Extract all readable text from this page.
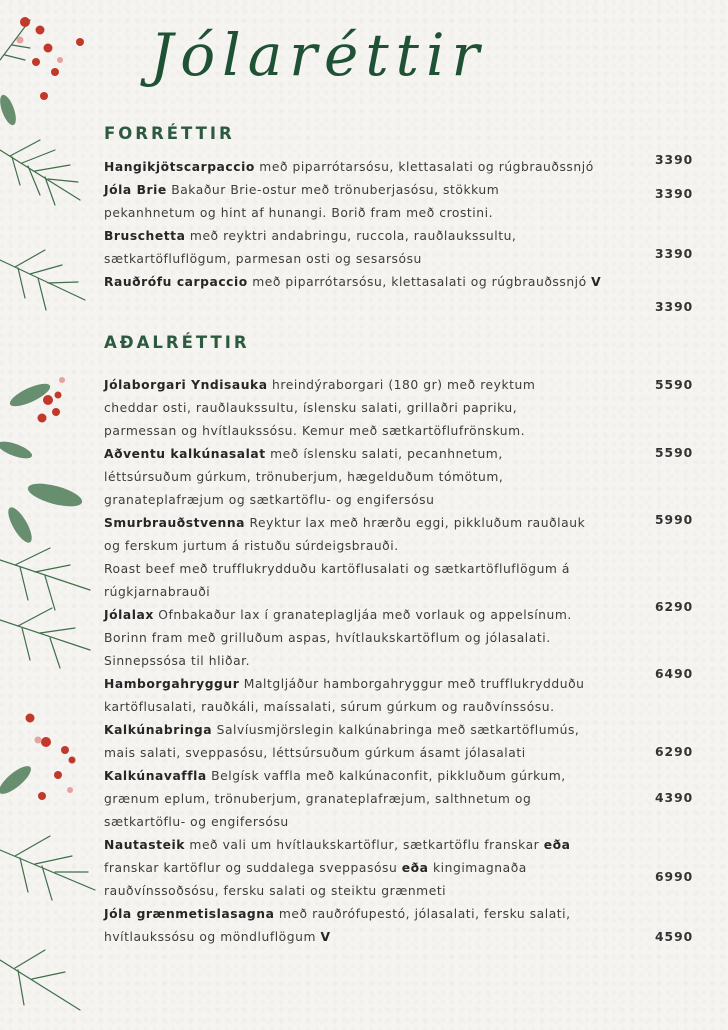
Jólaréttir
FORRÉTTIR
Hangikjötscarpaccio með piparrótarsósu, klettasalati og rúgbrauðssnjó
Jóla Brie Bakaður Brie-ostur með trönuberjasósu, stökkum
pekanhnetum og hint af hunangi. Borið fram með crostini.
Bruschetta með reyktri andabringu, ruccola, rauðlaukssultu,
sætkartöfluflögum, parmesan osti og sesarsósu
Rauðrófu carpaccio með piparrótarsósu, klettasalati og rúgbrauðssnjó V
AÐALRÉTTIR
Jólaborgari Yndisauka hreindýraborgari (180 gr) með reyktum
cheddar osti, rauðlaukssultu, íslensku salati, grillaðri papriku,
parmessan og hvítlaukssósu. Kemur með sætkartöflufrönskum.
Aðventu kalkúnasalat með íslensku salati, pecanhnetum,
léttsúrsuðum gúrkum, trönuberjum, hægelduðum tómötum,
granateplafræjum og sætkartöflu- og engifersósu
Smurbrauðstvenna Reyktur lax með hrærðu eggi, pikkluðum rauðlauk
og ferskum jurtum á ristuðu súrdeigsbrauði.
Roast beef með trufflukrydduðu kartöflusalati og sætkartöfluflögum á
rúgkjarnabrauði
Jólalax Ofnbakaður lax í granateplagljáa með vorlauk og appelsínum.
Borinn fram með grilluðum aspas, hvítlaukskartöflum og jólasalati.
Sinnepssósa til hliðar.
Hamborgahryggur Maltgljáður hamborgahryggur með trufflukrydduðu
kartöflusalati, rauðkáli, maíssalati, súrum gúrkum og rauðvínssósu.
Kalkúnabringa Salvíusmjörslegin kalkúnabringa með sætkartöflumús,
mais salati, sveppasósu, léttsúrsuðum gúrkum ásamt jólasalati
Kalkúnavaffla Belgísk vaffla með kalkúnaconfit, pikkluðum gúrkum,
grænum eplum, trönuberjum, granateplafræjum, salthnetum og
sætkartöflu- og engifersósu
Nautasteik með vali um hvítlaukskartöflur, sætkartöflu franskar eða
franskar kartöflur og suddalega sveppasósu eða kingimagnaða
rauðvínssoðsósu, fersku salati og steiktu grænmeti
Jóla grænmetislasagna með rauðrófupestó, jólasalati, fersku salati,
hvítlaukssósu og möndluflögum V
3390
3390
3390
3390
5590
5590
5990
6290
6490
6290
4390
6990
4590
